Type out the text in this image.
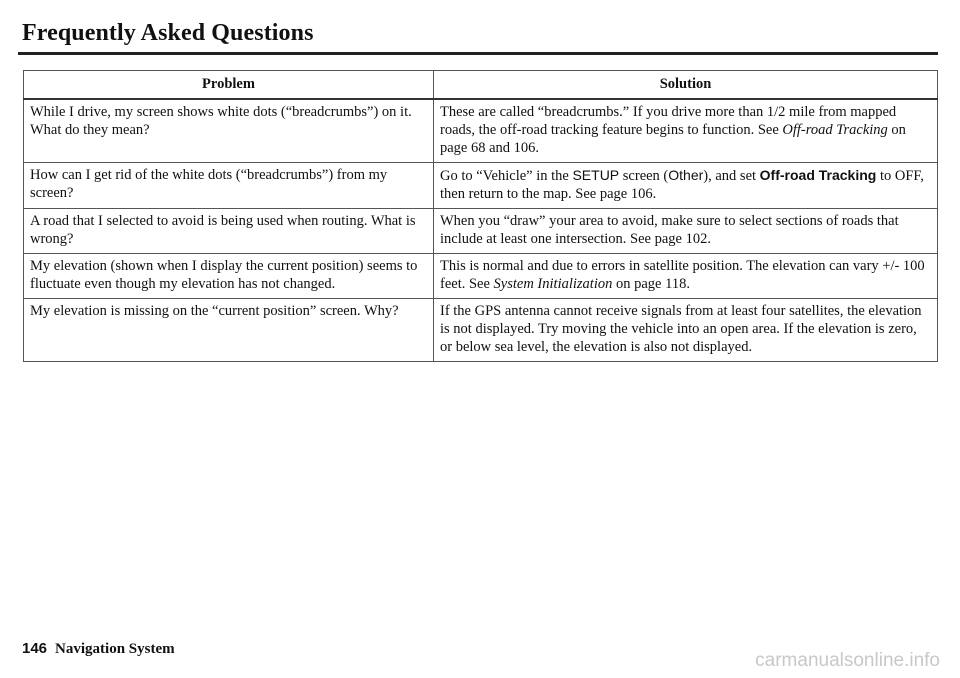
Frequently Asked Questions
Problem	Solution
While I drive, my screen shows white dots (“breadcrumbs”) on it. What do they mean?	These are called “breadcrumbs.” If you drive more than 1/2 mile from mapped roads, the off-road tracking feature begins to function. See Off-road Tracking on page 68 and 106.
How can I get rid of the white dots (“breadcrumbs”) from my screen?	Go to “Vehicle” in the SETUP screen (Other), and set Off-road Tracking to OFF, then return to the map. See page 106.
A road that I selected to avoid is being used when routing. What is wrong?	When you “draw” your area to avoid, make sure to select sections of roads that include at least one intersection. See page 102.
My elevation (shown when I display the current position) seems to fluctuate even though my elevation has not changed.	This is normal and due to errors in satellite position. The elevation can vary +/- 100 feet. See System Initialization on page 118.
My elevation is missing on the “current position” screen. Why?	If the GPS antenna cannot receive signals from at least four satellites, the elevation is not displayed. Try moving the vehicle into an open area. If the elevation is zero, or below sea level, the elevation is also not displayed.
146 Navigation System
carmanualsonline.info
